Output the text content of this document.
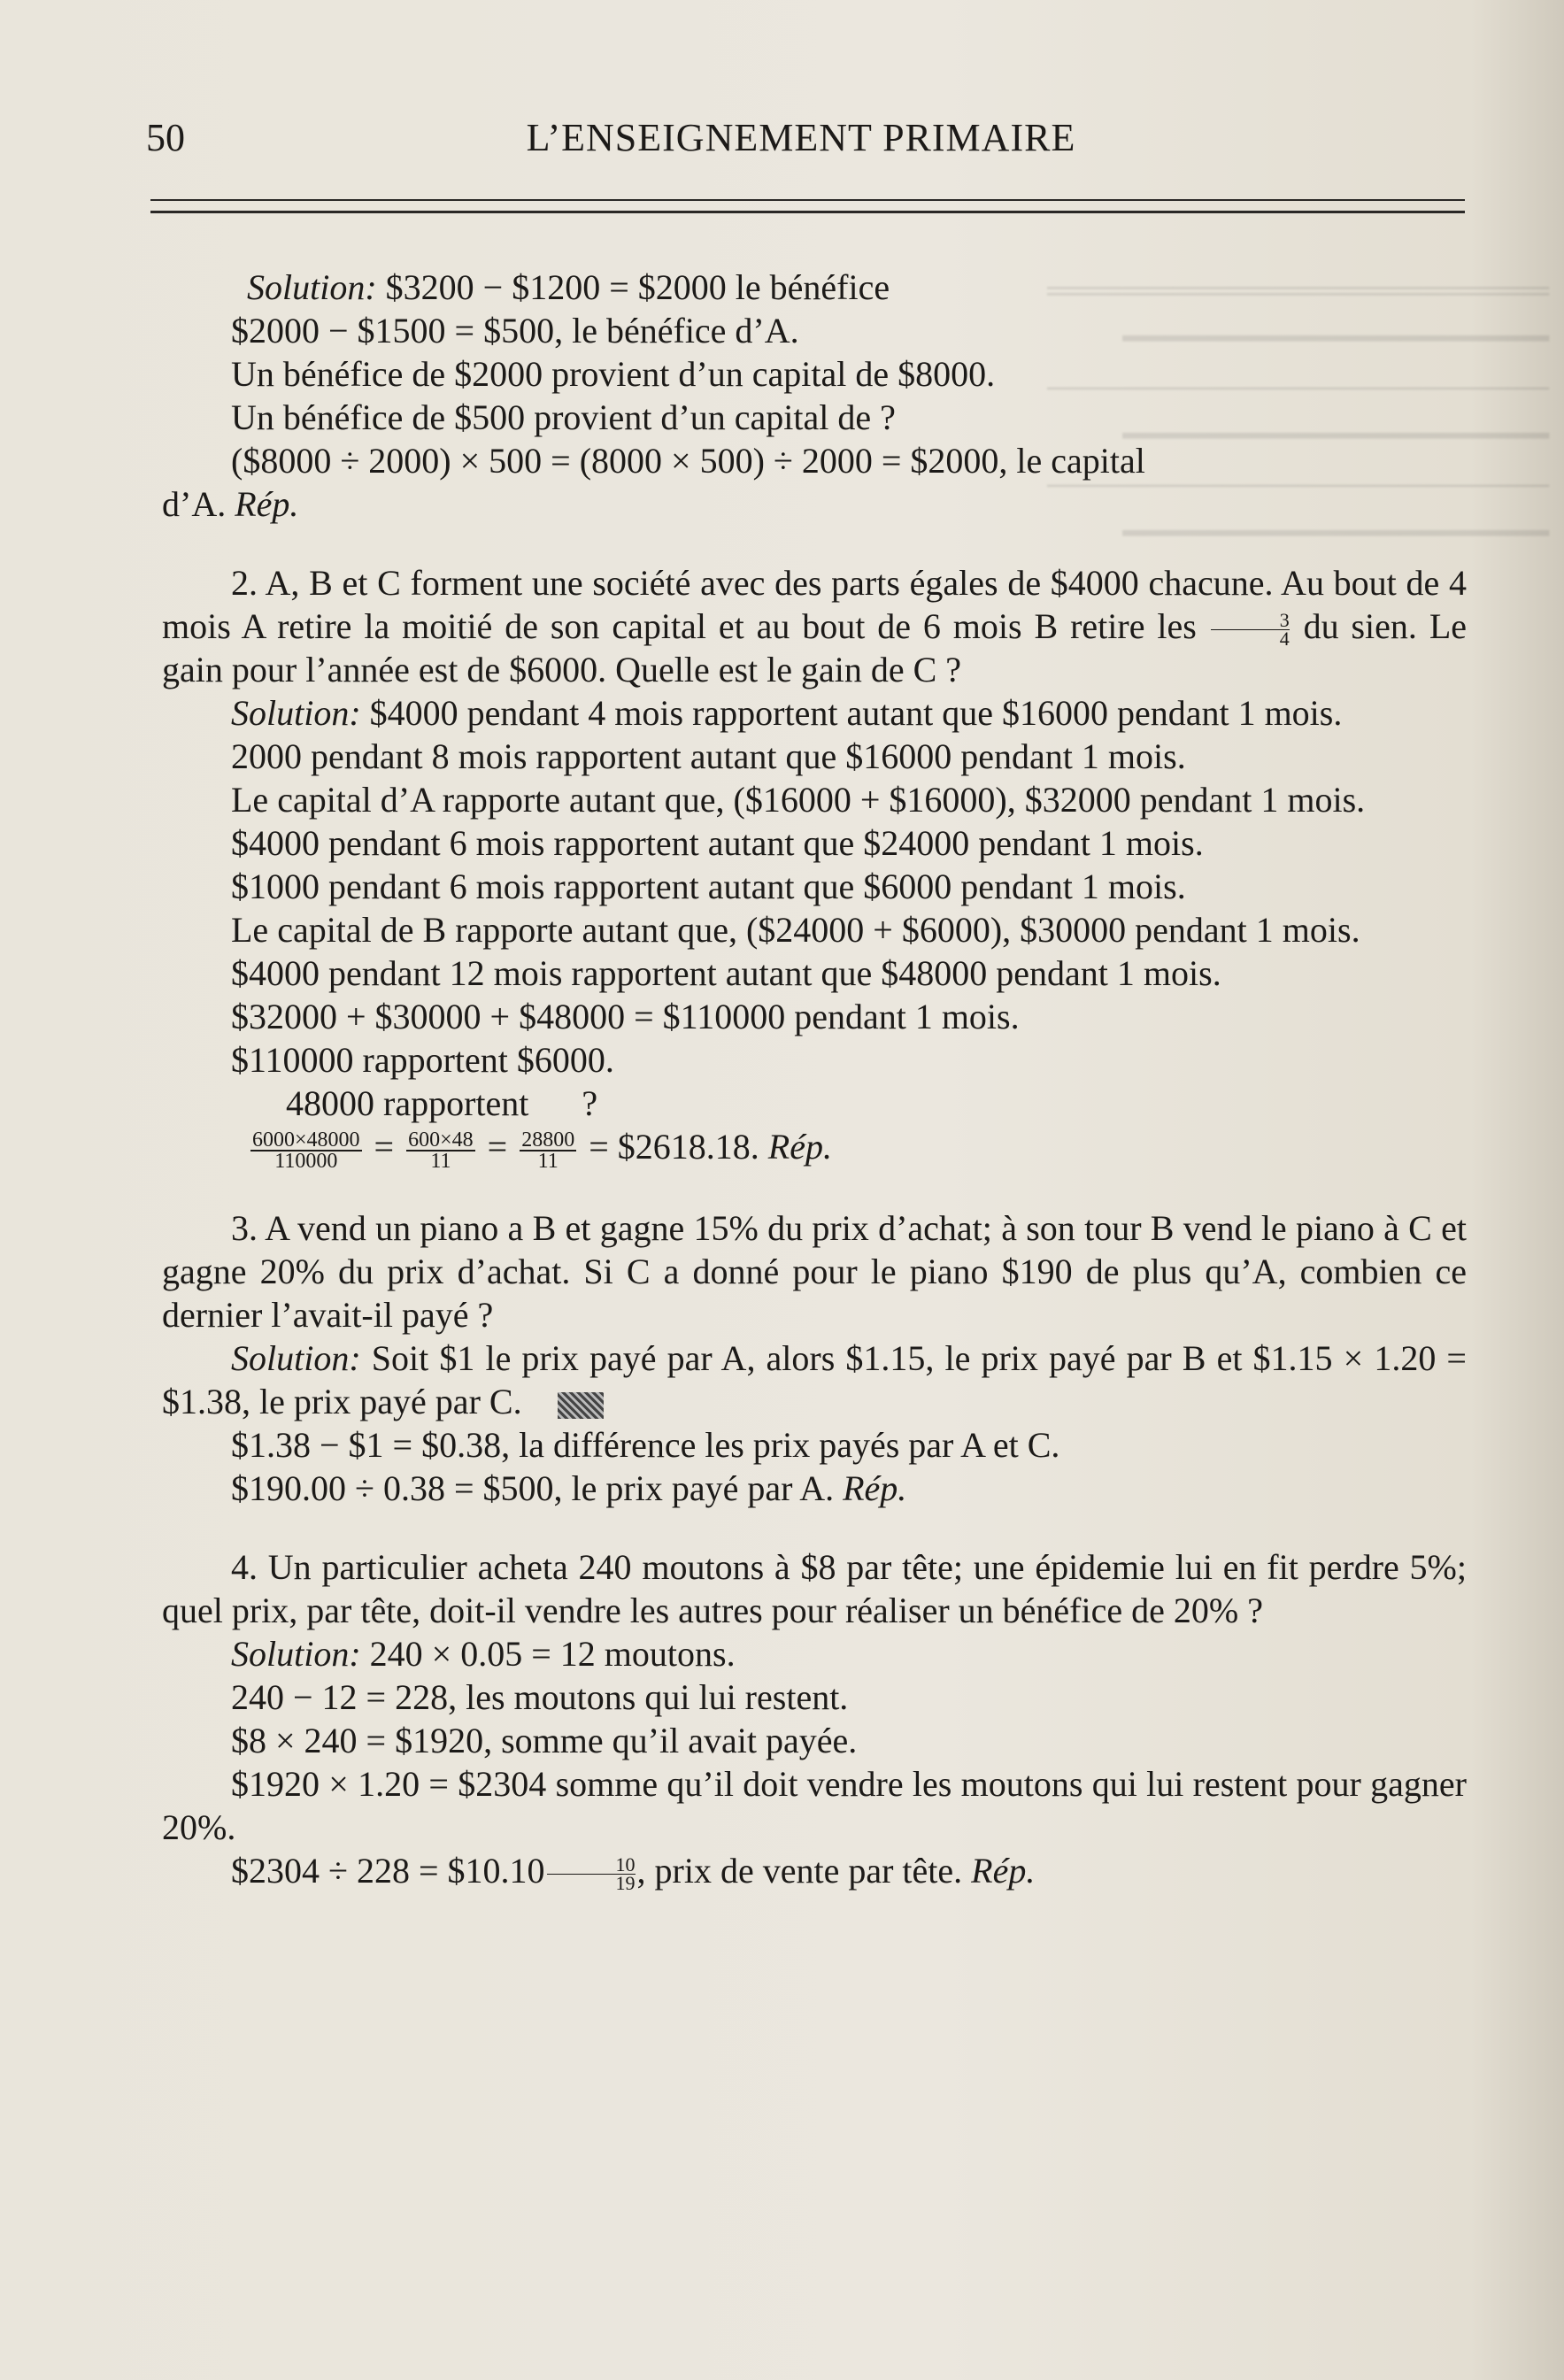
════════════════════
━━━━━━━━━━━━━━━━━━━━
────────────────────
━━━━━━━━━━━━━━━━━━━━
────────────────────
━━━━━━━━━━━━━━━━━━━━
50	L’ENSEIGNEMENT PRIMAIRE

Solution: $3200 − $1200 = $2000 le bénéfice

$2000 − $1500 = $500, le bénéfice d’A.

Un bénéfice de $2000 provient d’un capital de $8000.

Un bénéfice de $500 provient d’un capital de ?

($8000 ÷ 2000) × 500 = (8000 × 500) ÷ 2000 = $2000, le capital

d’A. Rép.

2. A, B et C forment une société avec des parts égales de $4000 chacune. Au bout de 4 mois A retire la moitié de son capital et au bout de 6 mois B retire les $\frac{3}{4}$ du sien. Le gain pour l’année est de $6000. Quelle est le gain de C ?

Solution: $4000 pendant 4 mois rapportent autant que $16000 pendant 1 mois.

2000 pendant 8 mois rapportent autant que $16000 pendant 1 mois.

Le capital d’A rapporte autant que, ($16000 + $16000), $32000 pendant 1 mois.

$4000 pendant 6 mois rapportent autant que $24000 pendant 1 mois.

$1000 pendant 6 mois rapportent autant que $6000 pendant 1 mois.

Le capital de B rapporte autant que, ($24000 + $6000), $30000 pendant 1 mois.

$4000 pendant 12 mois rapportent autant que $48000 pendant 1 mois.

$32000 + $30000 + $48000 = $110000 pendant 1 mois.

$110000 rapportent $6000.

48000 rapportent      ?

$\frac{6000\times 48000}{110000} = \frac{600\times 48}{11} = \frac{28800}{11}$ = $2618.18. Rép.

3. A vend un piano a B et gagne 15% du prix d’achat; à son tour B vend le piano à C et gagne 20% du prix d’achat. Si C a donné pour le piano $190 de plus qu’A, combien ce dernier l’avait-il payé ?

Solution: Soit $1 le prix payé par A, alors $1.15, le prix payé par B et $1.15 × 1.20 = $1.38, le prix payé par C.

$1.38 − $1 = $0.38, la différence les prix payés par A et C.

$190.00 ÷ 0.38 = $500, le prix payé par A. Rép.

4. Un particulier acheta 240 moutons à $8 par tête; une épidemie lui en fit perdre 5%; quel prix, par tête, doit-il vendre les autres pour réaliser un bénéfice de 20% ?

Solution: 240 × 0.05 = 12 moutons.

240 − 12 = 228, les moutons qui lui restent.

$8 × 240 = $1920, somme qu’il avait payée.

$1920 × 1.20 = $2304 somme qu’il doit vendre les moutons qui lui restent pour gagner 20%.

$2304 ÷ 228 = $10.10 $\frac{10}{19}$ , prix de vente par tête. Rép.
